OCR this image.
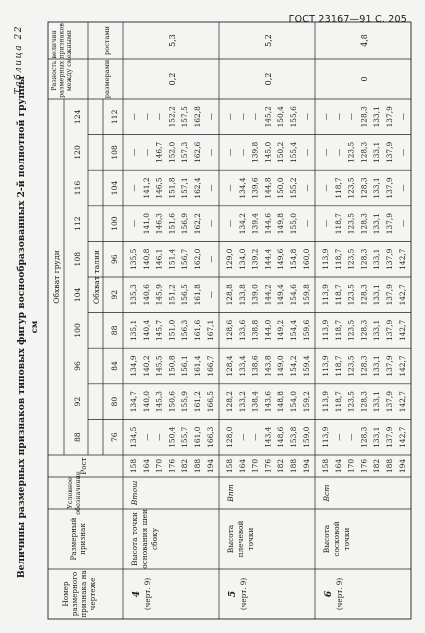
ГОСТ 23167—91 С. 205
Величины размерных признаков типовых фигур воснообразованных 2-й полнотной группы см
Таблица 22
Номер размерного признака на чертеже
Размерный признак
Условное обозначение
Рост
Обхват груди	Обхват талии
88
92
96
100
104
108
112
116
120
124
76
80
84
88
92
96
100
104
108
112
Разность величин размерных признаков между смежными	размерами
ростами
4 (черт. 9)
Высота точки основания шеи сбоку
Втош
0,2
5,3
158
134,5
134,7
134,9
135,1
135,3
135,5
—
—
—
—
164
—
140,0
140,2
140,4
140,6
140,8
141,0
141,2
—
—
170
—
145,3
145,5
145,7
145,9
146,1
146,3
146,5
146,7
—
176
150,4
150,6
150,8
151,0
151,2
151,4
151,6
151,8
152,0
152,2
182
155,7
155,9
156,1
156,3
156,5
156,7
156,9
157,1
157,3
157,5
188
161,0
161,2
161,4
161,6
161,8
162,0
162,2
162,4
162,6
162,8
194
166,3
166,5
166,7
167,1
—
—
—
—
—
—
5 (черт. 9)
Высота плечевой точки
Впт
0,2
5,2
158
128,0
128,2
128,4
128,6
128,8
129,0
—
—
—
—
164
—
133,2
133,4
133,6
133,8
134,0
134,2
134,4
—
—
170
—
138,4
138,6
138,8
139,0
139,2
139,4
139,6
139,8
—
176
143,4
143,6
143,8
144,0
144,2
144,4
144,6
144,8
145,0
145,2
182
148,6
148,8
149,0
149,2
149,4
149,6
149,8
150,0
150,2
150,4
188
153,8
154,0
154,2
154,4
154,6
154,8
155,0
155,2
155,4
155,6
194
159,0
159,2
159,4
159,6
159,8
160,0
—
—
—
—
6 (черт. 9)
Высота сосковой точки
Вст
0
4,8
158
113,9
113,9
113,9
113,9
113,9
113,9
—
—
—
—
164
—
118,7
118,7
118,7
118,7
118,7
118,7
118,7
—
—
170
—
123,5
123,5
123,5
123,5
123,5
123,5
123,5
123,5
—
176
128,3
128,3
128,3
128,3
128,3
128,3
128,3
128,3
128,3
128,3
182
133,1
133,1
133,1
133,1
133,1
133,1
133,1
133,1
133,1
133,1
188
137,9
137,9
137,9
137,9
137,9
137,9
137,9
137,9
137,9
137,9
194
142,7
142,7
142,7
142,7
142,7
142,7
—
—
—
—
